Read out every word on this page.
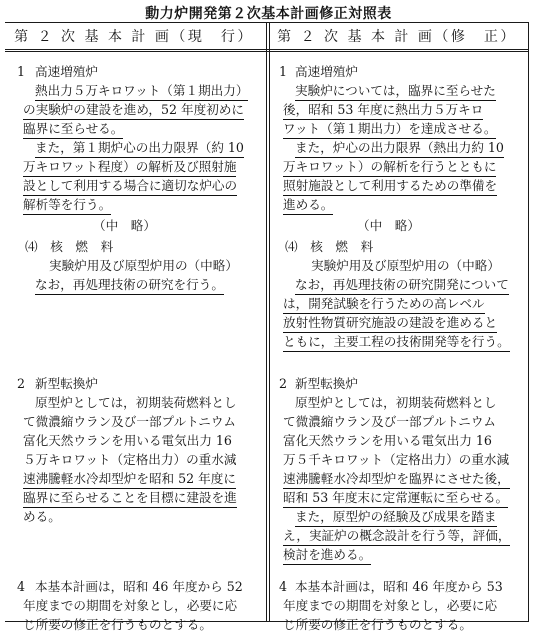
動力炉開発第２次基本計画修正対照表
第 ２ 次 基 本 計 画（現　行）	第 ２ 次 基 本 計 画（修　正）
1 高速増殖炉
熱出力５万キロワット（第１期出力）
の実験炉の建設を進め，52 年度初めに
臨界に至らせる。
また，第１期炉心の出力限界（約 10
万キロワット程度）の解析及び照射施
設として利用する場合に適切な炉心の
解析等を行う。
（中　略）
⑷　核　燃　料
実験炉用及び原型炉用の（中略）
なお，再処理技術の研究を行う。
2 新型転換炉
原型炉としては，初期装荷燃料とし
て微濃縮ウラン及び一部プルトニウム
富化天然ウランを用いる電気出力 16
５万キロワット（定格出力）の重水減
速沸騰軽水冷却型炉を昭和 52 年度に
臨界に至らせることを目標に建設を進
める。
4 本基本計画は，昭和 46 年度から 52
年度までの期間を対象とし，必要に応
じ所要の修正を行うものとする。
1 高速増殖炉
実験炉については，臨界に至らせた
後，昭和 53 年度に熱出力５万キロ
ワット（第１期出力）を達成させる。
また，炉心の出力限界（熱出力約 10
万キロワット）の解析を行うとともに
照射施設として利用するための準備を
進める。
（中　略）
⑷　核　燃　料
実験炉用及び原型炉用の（中略）
なお，再処理技術の研究開発について
は，開発試験を行うための高レベル
放射性物質研究施設の建設を進めると
ともに，主要工程の技術開発等を行う。
2 新型転換炉
原型炉としては，初期装荷燃料とし
て微濃縮ウラン及び一部プルトニウム
富化天然ウランを用いる電気出力 16
万５千キロワット（定格出力）の重水減
速沸騰軽水冷却型炉を臨界にさせた後，
昭和 53 年度末に定常運転に至らせる。
また，原型炉の経験及び成果を踏ま
え，実証炉の概念設計を行う等，評価，
検討を進める。
4 本基本計画は，昭和 46 年度から 53
年度までの期間を対象とし，必要に応
じ所要の修正を行うものとする。
